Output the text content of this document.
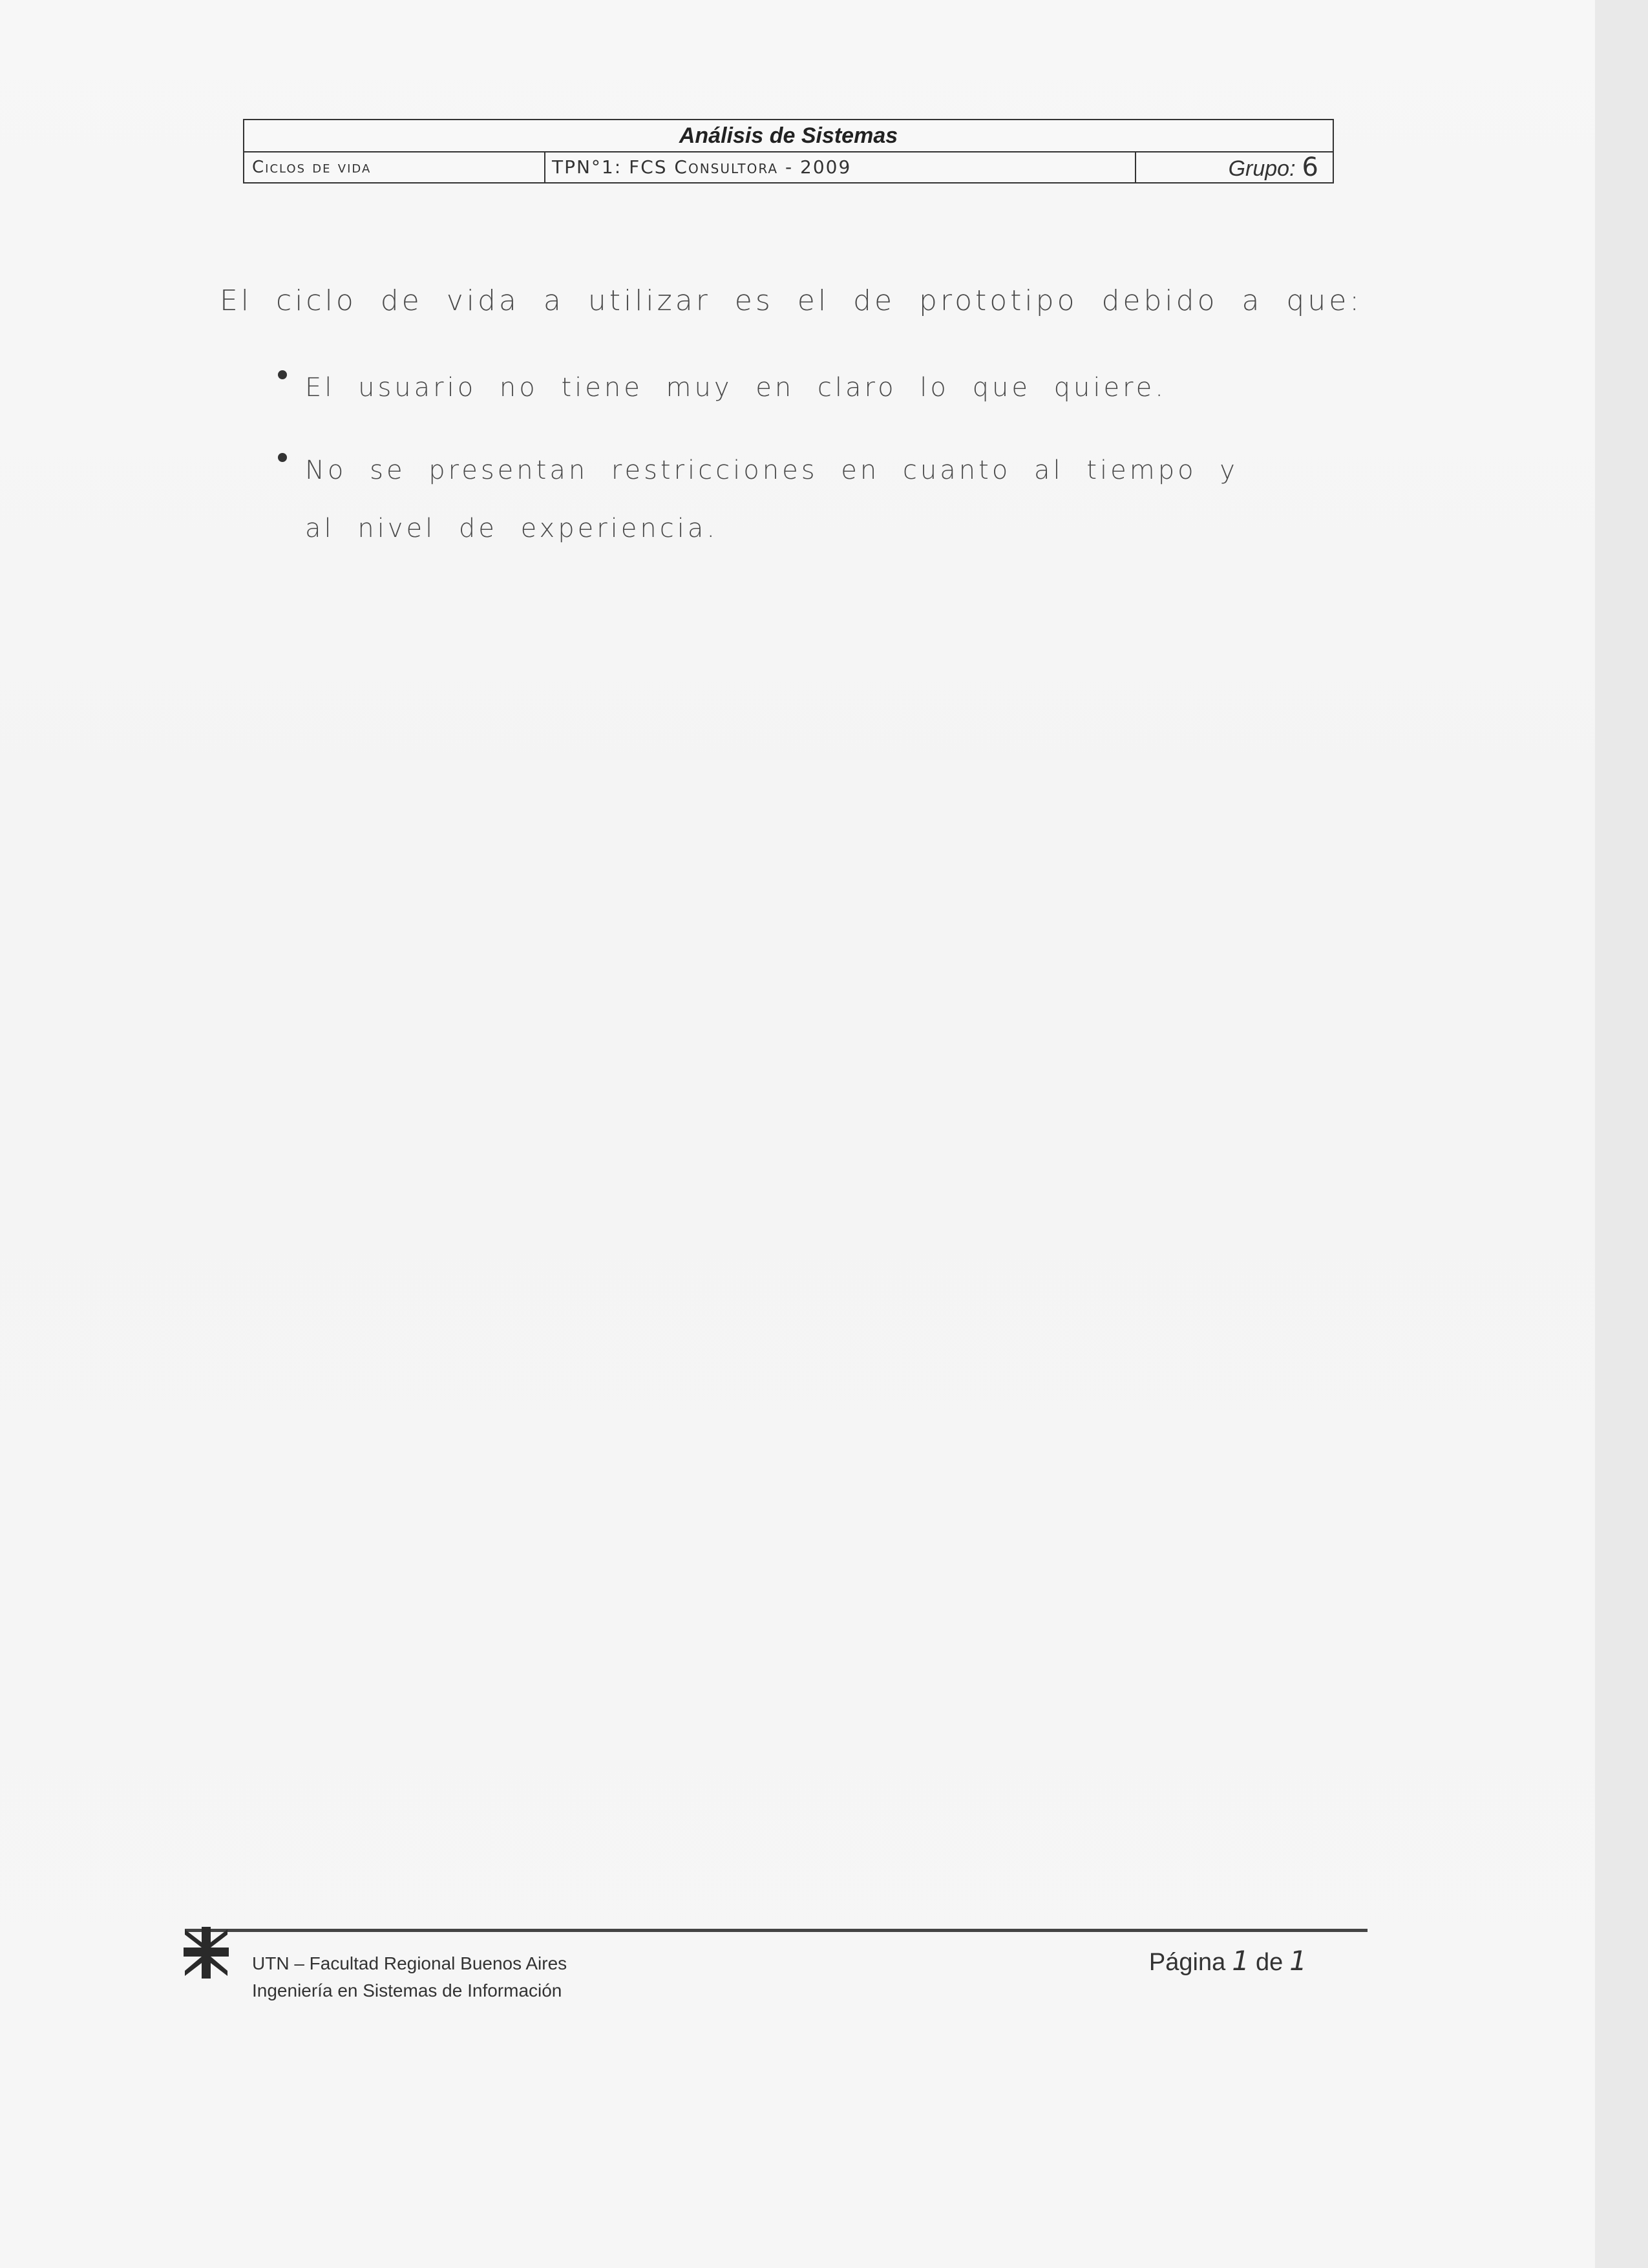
Análisis de Sistemas
Ciclos de vida	TPN°1: FCS Consultora - 2009	Grupo: 6
El ciclo de vida a utilizar es el de prototipo debido a que:
El usuario no tiene muy en claro lo que quiere.
No se presentan restricciones en cuanto al tiempo y al nivel de experiencia.
UTN – Facultad Regional Buenos Aires
Ingeniería en Sistemas de Información
Página 1 de 1
